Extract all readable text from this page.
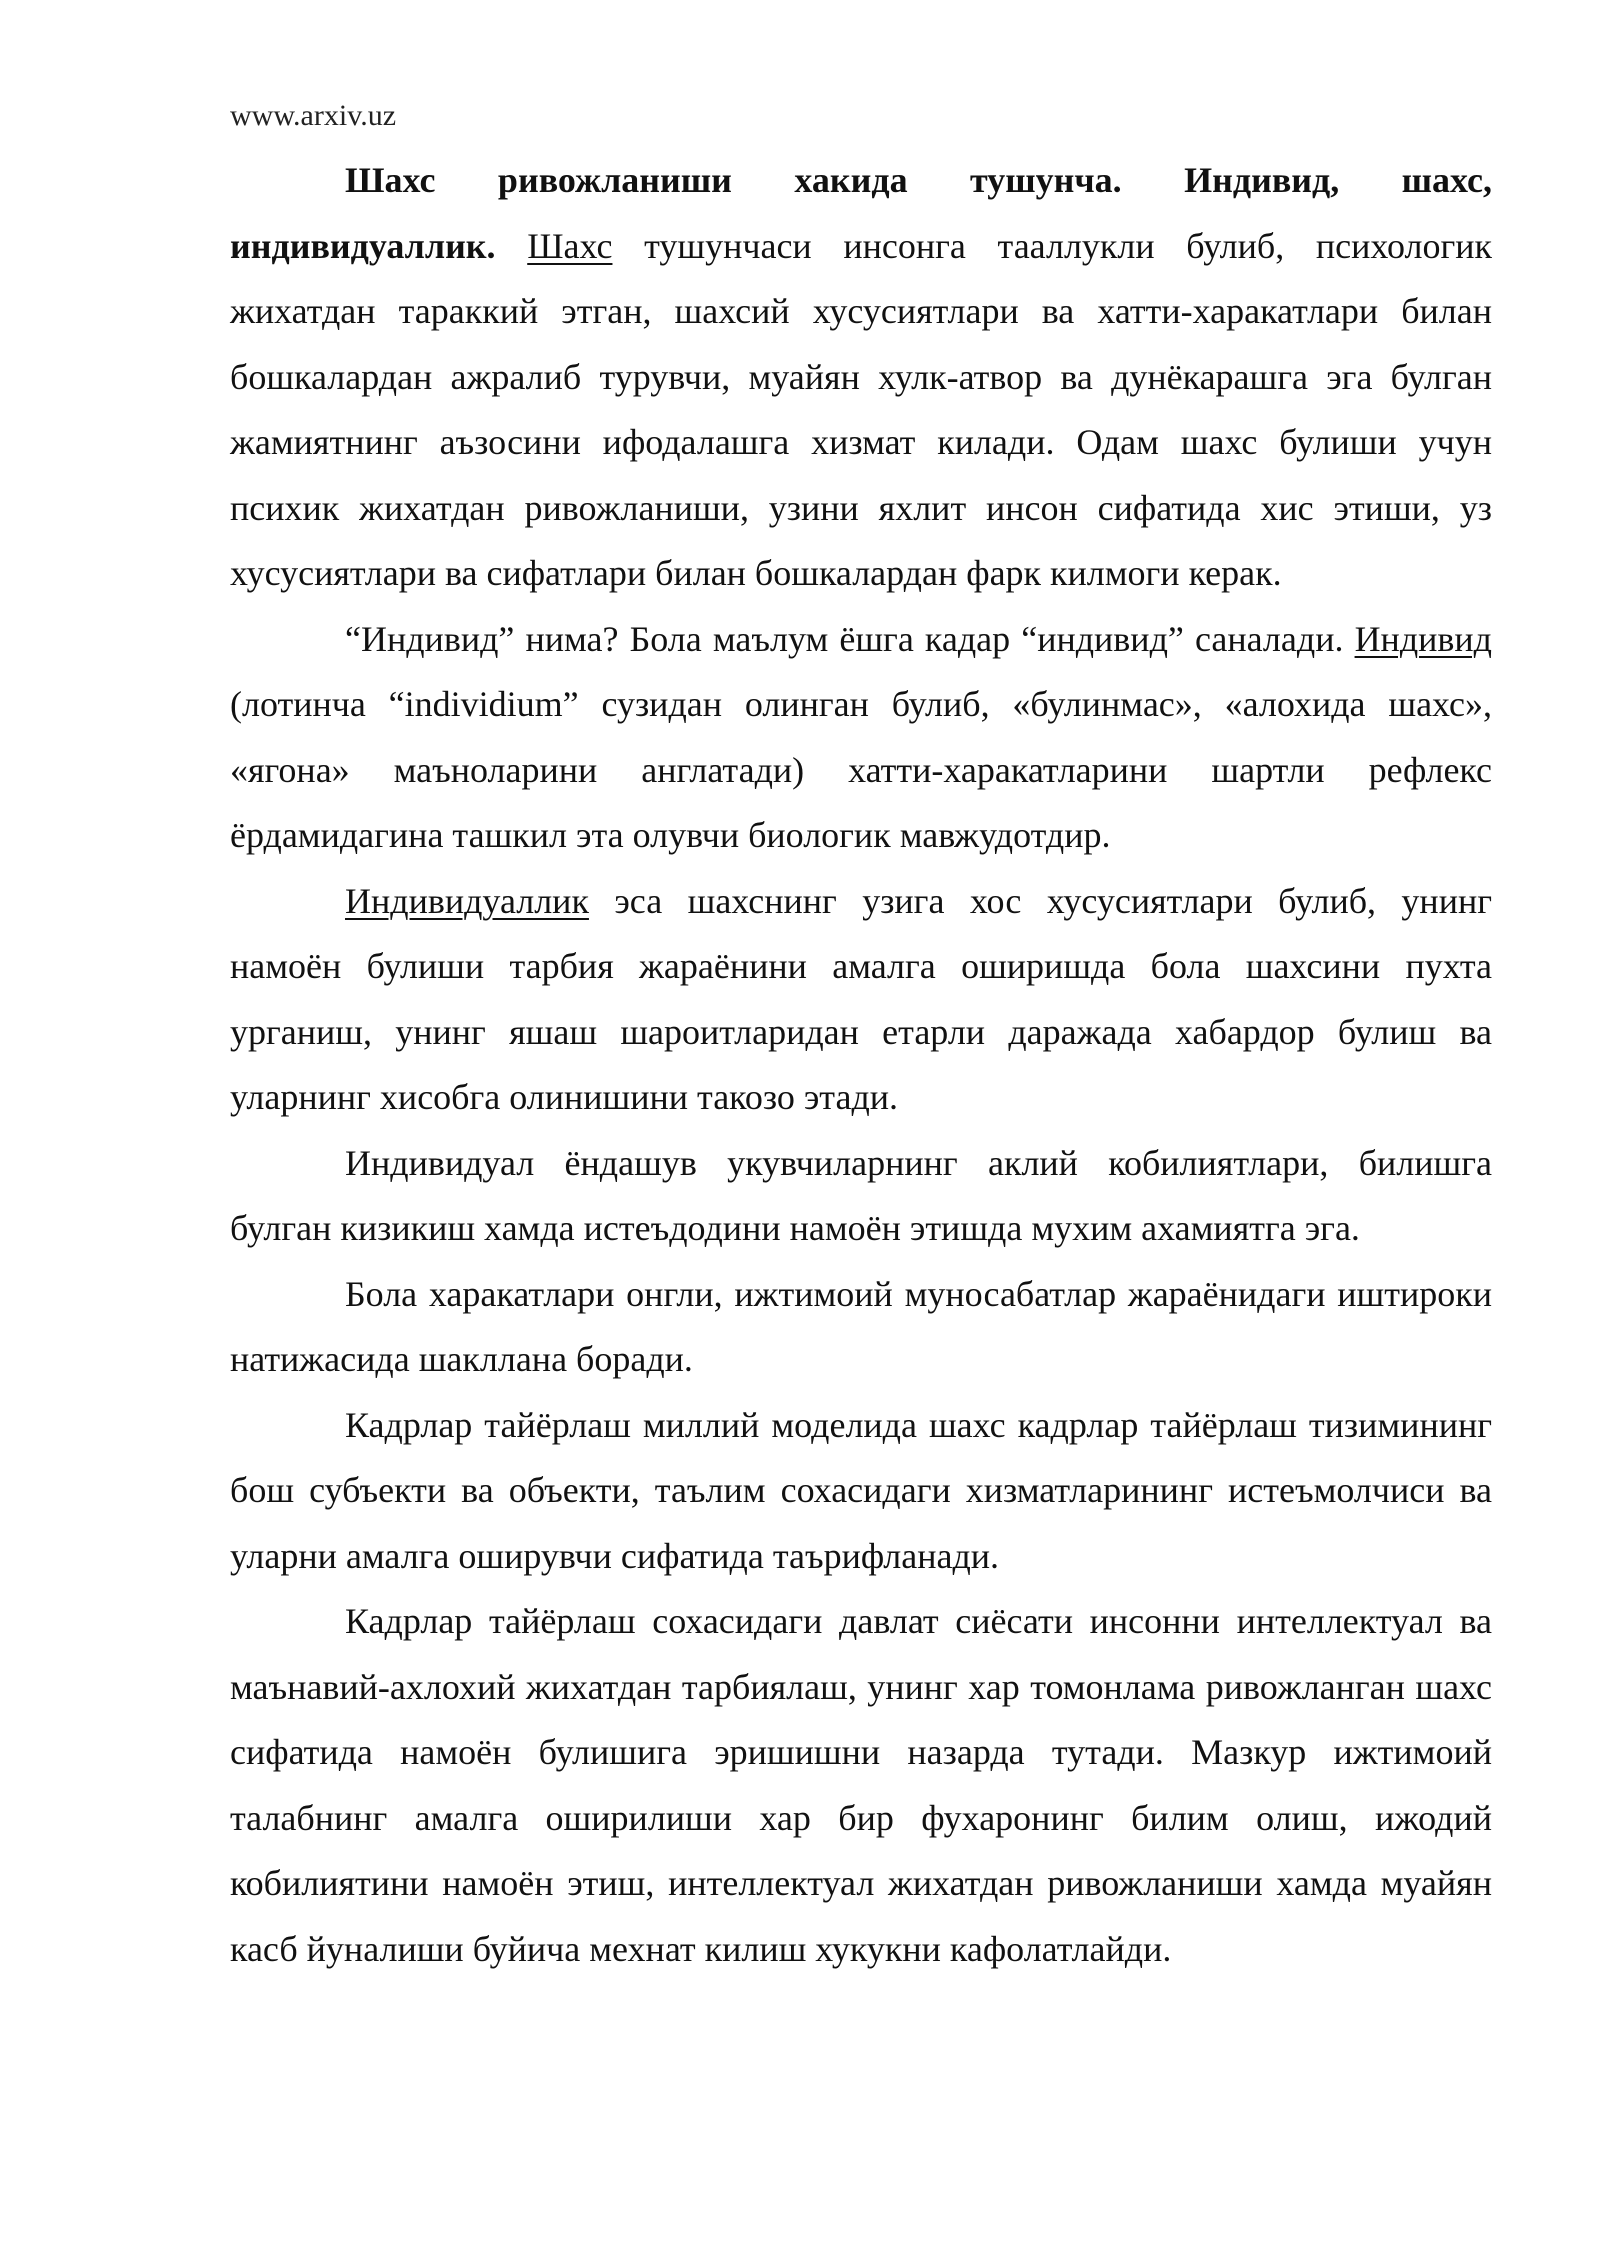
www.arxiv.uz

Шахс ривожланиши хакида тушунча. Индивид, шахс, индивидуаллик. Шахс тушунчаси инсонга тааллукли булиб, психологик жихатдан тараккий этган, шахсий хусусиятлари ва хатти-харакатлари билан бошкалардан ажралиб турувчи, муайян хулк-атвор ва дунёкарашга эга булган жамиятнинг аъзосини ифодалашга хизмат килади. Одам шахс булиши учун психик жихатдан ривожланиши, узини яхлит инсон сифатида хис этиши, уз хусусиятлари ва сифатлари билан бошкалардан фарк килмоги керак.

“Индивид” нима? Бола маълум ёшга кадар “индивид” саналади. Индивид (лотинча “individium” сузидан олинган булиб, «булинмас», «алохида шахс», «ягона» маъноларини англатади) хатти-харакатларини шартли рефлекс ёрдамидагина ташкил эта олувчи биологик мавжудотдир.

Индивидуаллик эса шахснинг узига хос хусусиятлари булиб, унинг намоён булиши тарбия жараёнини амалга оширишда бола шахсини пухта урганиш, унинг яшаш шароитларидан етарли даражада хабардор булиш ва уларнинг хисобга олинишини такозо этади.

Индивидуал ёндашув укувчиларнинг аклий кобилиятлари, билишга булган кизикиш хамда истеъдодини намоён этишда мухим ахамиятга эга.

Бола харакатлари онгли, ижтимоий муносабатлар жараёнидаги иштироки натижасида шакллана боради.

Кадрлар тайёрлаш миллий моделида шахс кадрлар тайёрлаш тизимининг бош субъекти ва объекти, таълим сохасидаги хизматларининг истеъмолчиси ва уларни амалга оширувчи сифатида таърифланади.

Кадрлар тайёрлаш сохасидаги давлат сиёсати инсонни интеллектуал ва маънавий-ахлохий жихатдан тарбиялаш, унинг хар томонлама ривожланган шахс сифатида намоён булишига эришишни назарда тутади. Мазкур ижтимоий талабнинг амалга оширилиши хар бир фухаронинг билим олиш, ижодий кобилиятини намоён этиш, интеллектуал жихатдан ривожланиши хамда муайян касб йуналиши буйича мехнат килиш хукукни кафолатлайди.
